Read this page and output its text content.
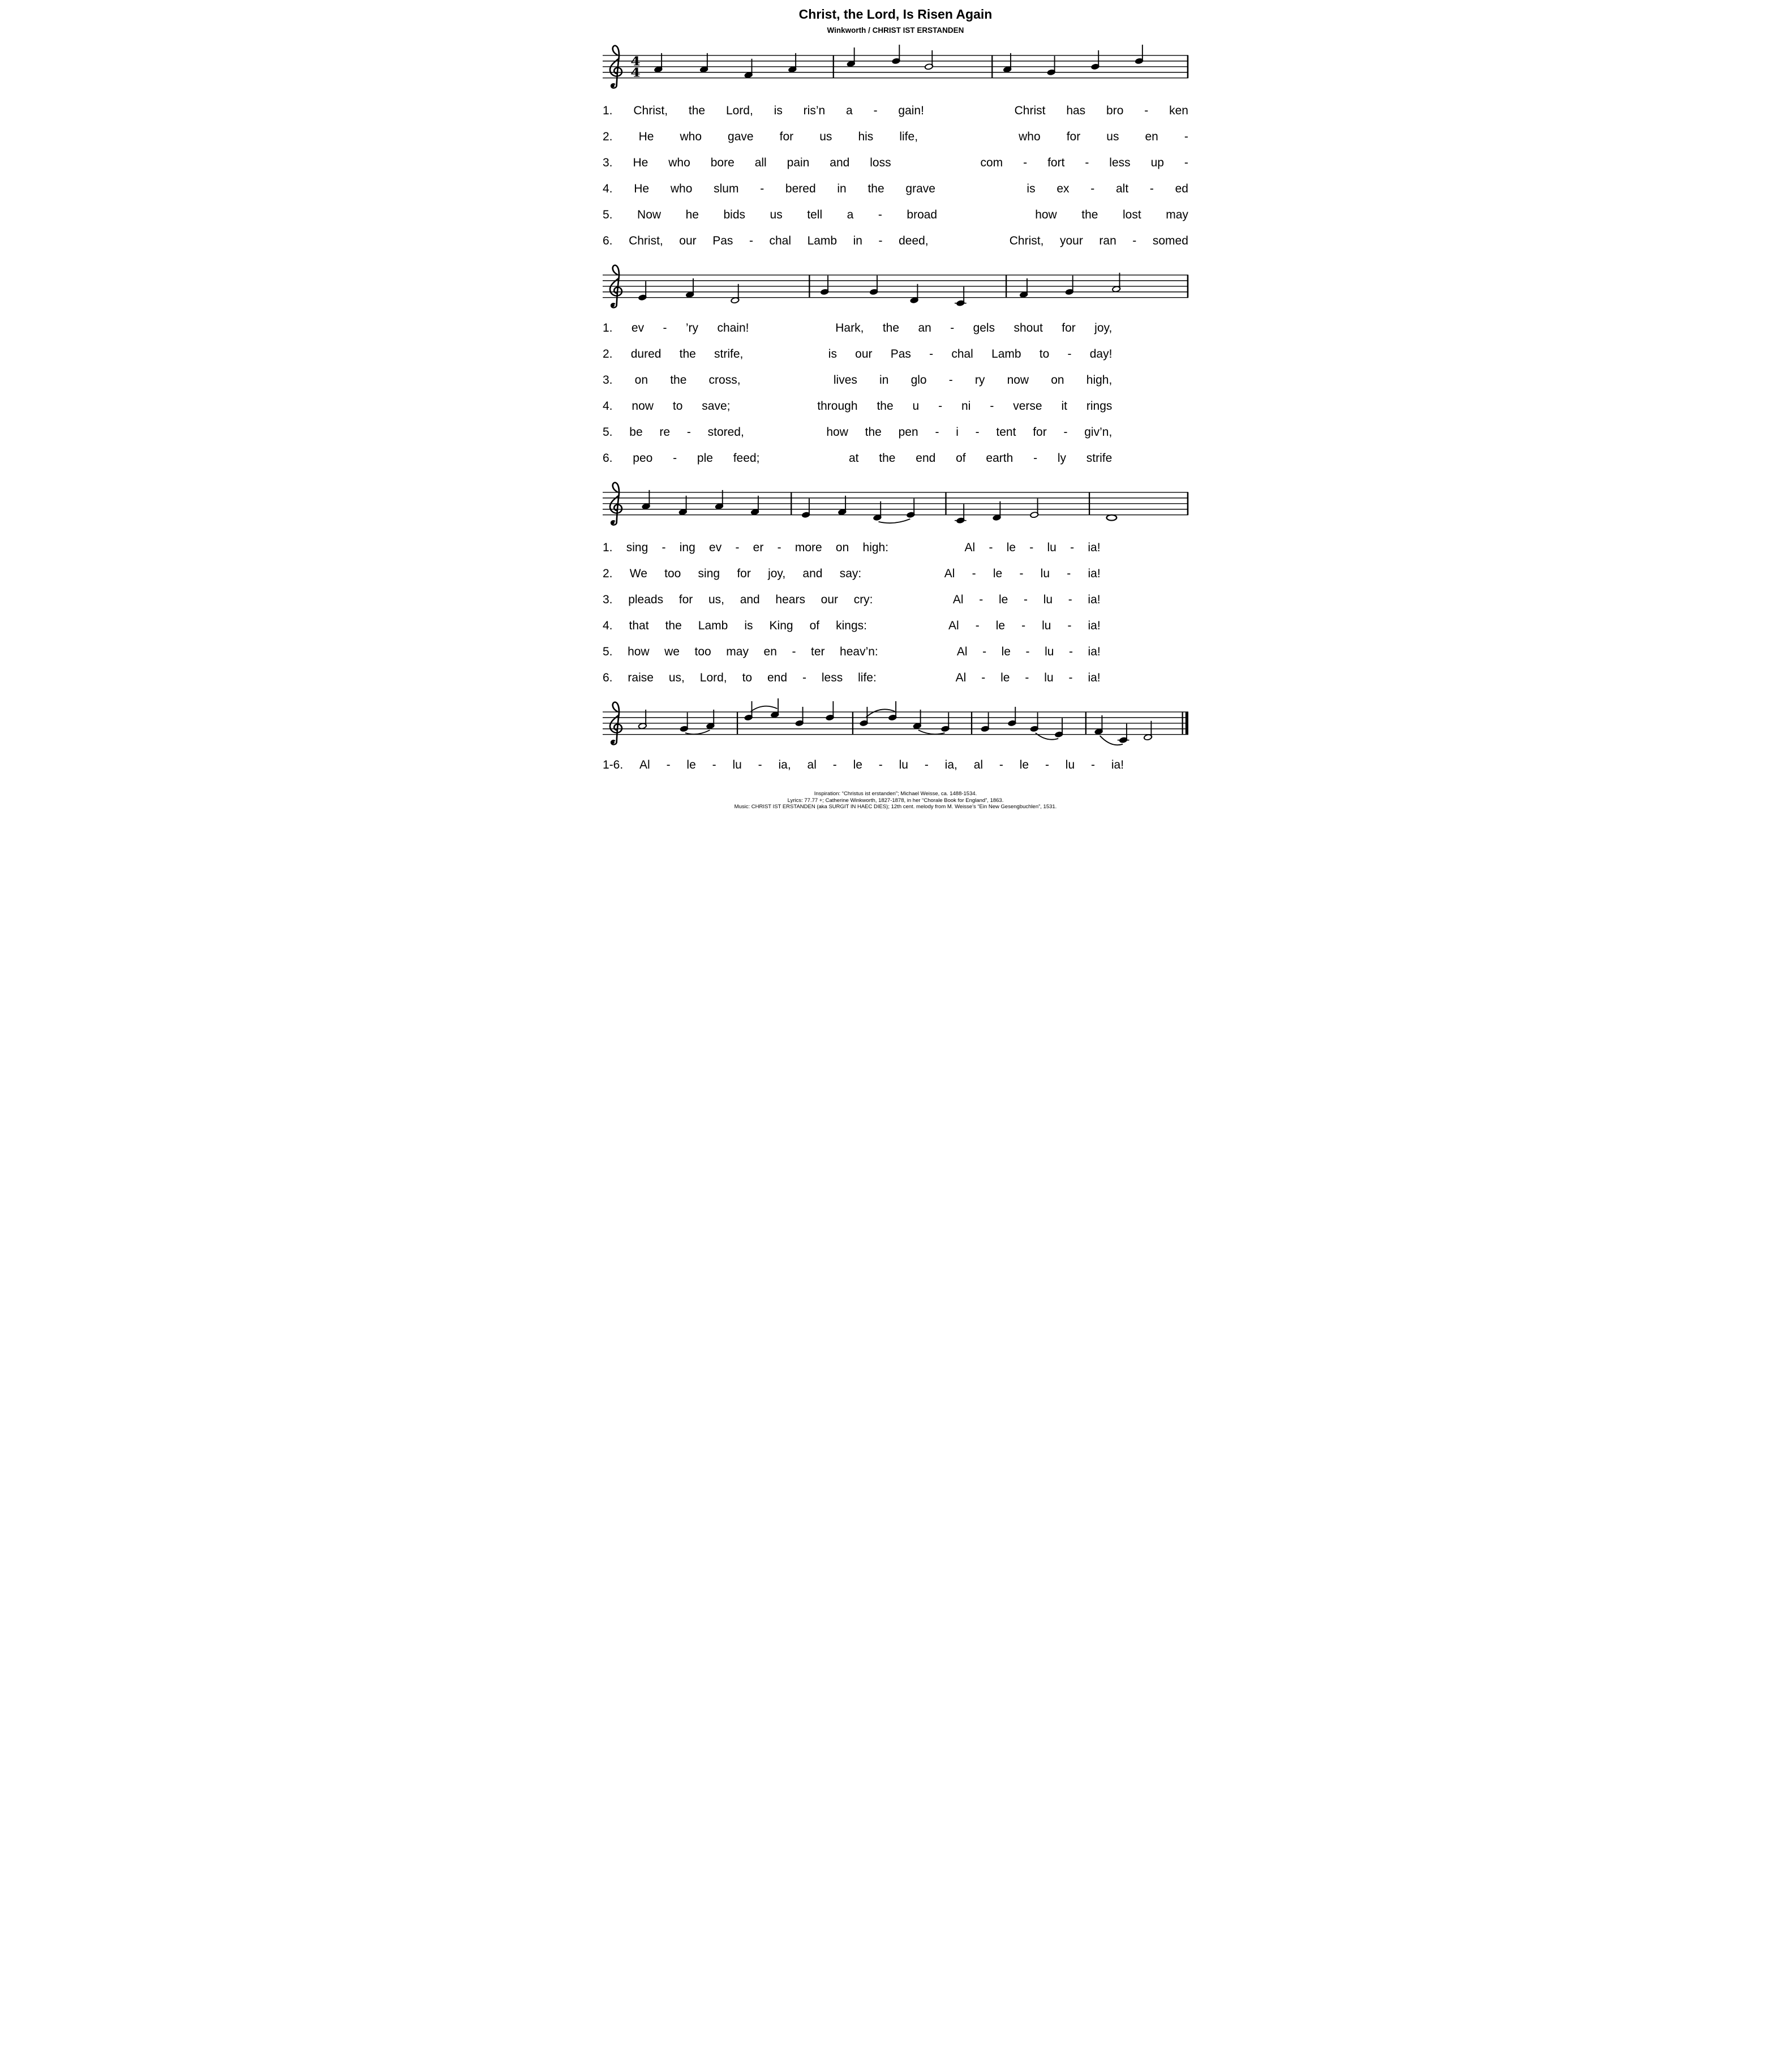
Christ, the Lord, Is Risen Again
Winkworth / CHRIST IST ERSTANDEN
4
4
1. Christ, the Lord, is ris’n a - gain!	Christ has bro - ken
2. He who gave for us his life,	who for us en -
3. He who bore all pain and loss	com - fort - less up -
4. He who slum - bered in the grave	is ex - alt - ed
5. Now he bids us tell a - broad	how the lost may
6. Christ, our Pas - chal Lamb in - deed,	Christ, your ran - somed
1. ev - ’ry chain!	Hark, the an - gels shout for joy,
2. dured the strife,	is our Pas - chal Lamb to - day!
3. on the cross,	lives in glo - ry now on high,
4. now to save;	through the u - ni - verse it rings
5. be re - stored,	how the pen - i - tent for - giv’n,
6. peo - ple feed;	at the end of earth - ly strife
1. sing - ing ev - er - more on high:	Al - le - lu - ia!
2. We too sing for joy, and say:	Al - le - lu - ia!
3. pleads for us, and hears our cry:	Al - le - lu - ia!
4. that the Lamb is King of kings:	Al - le - lu - ia!
5. how we too may en - ter heav’n:	Al - le - lu - ia!
6. raise us, Lord, to end - less life:	Al - le - lu - ia!
1-6. Al - le - lu - ia, al - le - lu - ia, al - le - lu - ia!
Inspiration: “Christus ist erstanden”; Michael Weisse, ca. 1488-1534.
Lyrics: 77.77 +; Catherine Winkworth, 1827-1878, in her “Chorale Book for England”, 1863.
Music: CHRIST IST ERSTANDEN (aka SURGIT IN HAEC DIES); 12th cent. melody from M. Weisse’s “Ein New Gesengbuchlen”, 1531.
